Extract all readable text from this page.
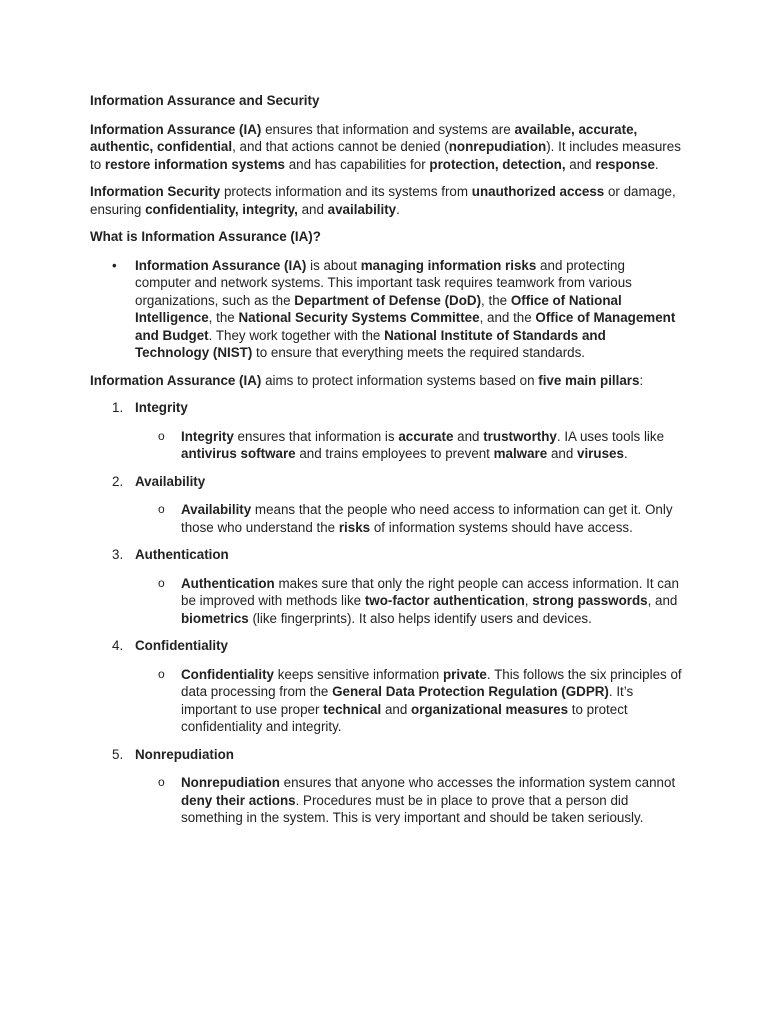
Information Assurance and Security

Information Assurance (IA) ensures that information and systems are available, accurate, authentic, confidential, and that actions cannot be denied (nonrepudiation). It includes measures to restore information systems and has capabilities for protection, detection, and response.

Information Security protects information and its systems from unauthorized access or damage, ensuring confidentiality, integrity, and availability.

What is Information Assurance (IA)?
• Information Assurance (IA) is about managing information risks and protecting computer and network systems. This important task requires teamwork from various organizations, such as the Department of Defense (DoD), the Office of National Intelligence, the National Security Systems Committee, and the Office of Management and Budget. They work together with the National Institute of Standards and Technology (NIST) to ensure that everything meets the required standards.

Information Assurance (IA) aims to protect information systems based on five main pillars:

1. Integrity
o Integrity ensures that information is accurate and trustworthy. IA uses tools like antivirus software and trains employees to prevent malware and viruses.
2. Availability
o Availability means that the people who need access to information can get it. Only those who understand the risks of information systems should have access.
3. Authentication
o Authentication makes sure that only the right people can access information. It can be improved with methods like two-factor authentication, strong passwords, and biometrics (like fingerprints). It also helps identify users and devices.
4. Confidentiality
o Confidentiality keeps sensitive information private. This follows the six principles of data processing from the General Data Protection Regulation (GDPR). It’s important to use proper technical and organizational measures to protect confidentiality and integrity.
5. Nonrepudiation
o Nonrepudiation ensures that anyone who accesses the information system cannot deny their actions. Procedures must be in place to prove that a person did something in the system. This is very important and should be taken seriously.
